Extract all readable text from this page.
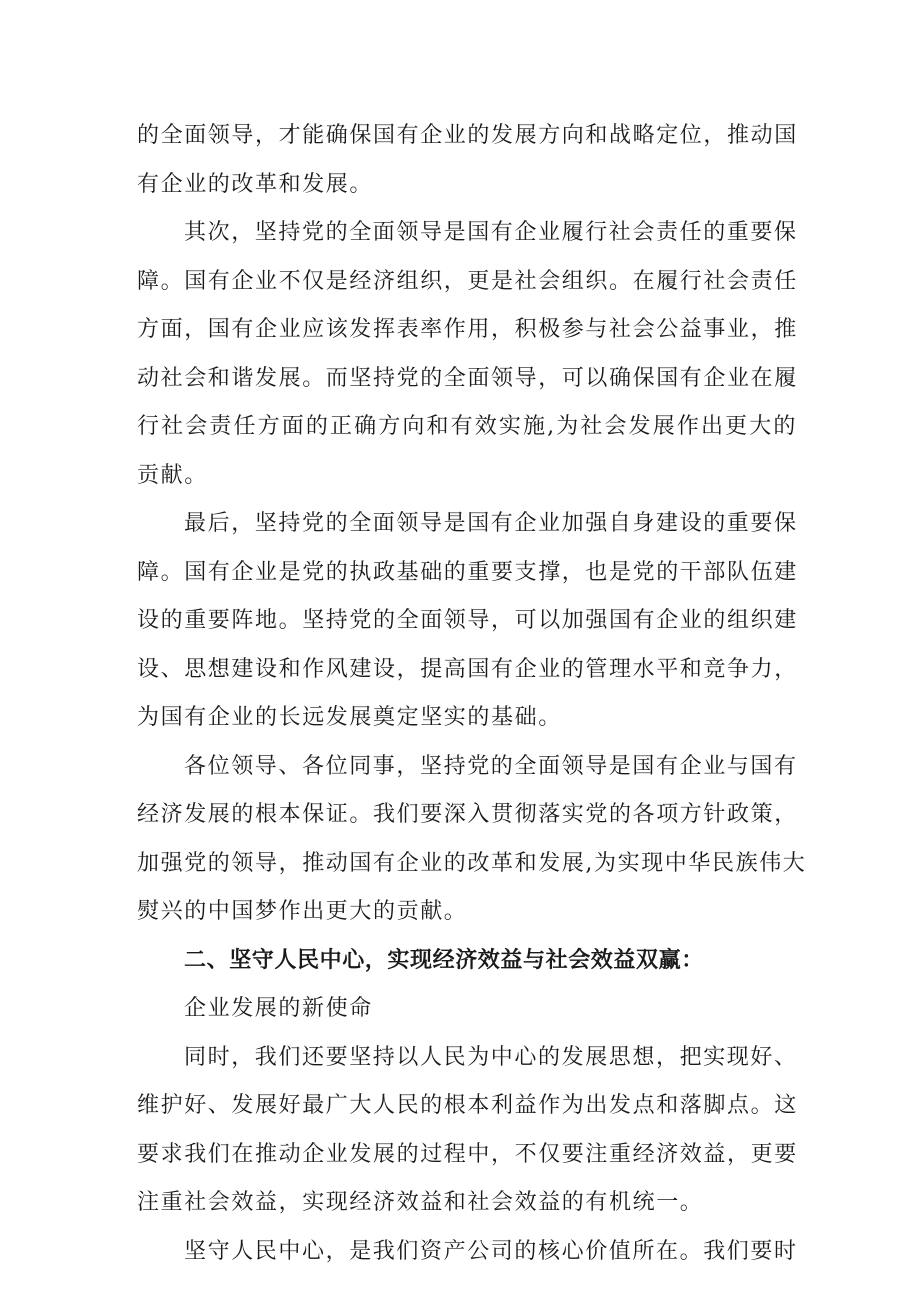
的全面领导，才能确保国有企业的发展方向和战略定位，推动国
有企业的改革和发展。
其次，坚持党的全面领导是国有企业履行社会责任的重要保
障。国有企业不仅是经济组织，更是社会组织。在履行社会责任
方面，国有企业应该发挥表率作用，积极参与社会公益事业，推
动社会和谐发展。而坚持党的全面领导，可以确保国有企业在履
行社会责任方面的正确方向和有效实施,为社会发展作出更大的
贡献。
最后，坚持党的全面领导是国有企业加强自身建设的重要保
障。国有企业是党的执政基础的重要支撑，也是党的干部队伍建
设的重要阵地。坚持党的全面领导，可以加强国有企业的组织建
设、思想建设和作风建设，提高国有企业的管理水平和竞争力，
为国有企业的长远发展奠定坚实的基础。
各位领导、各位同事，坚持党的全面领导是国有企业与国有
经济发展的根本保证。我们要深入贯彻落实党的各项方针政策，
加强党的领导，推动国有企业的改革和发展,为实现中华民族伟大
熨兴的中国梦作出更大的贡献。
二、坚守人民中心，实现经济效益与社会效益双赢：
企业发展的新使命
同时，我们还要坚持以人民为中心的发展思想，把实现好、
维护好、发展好最广大人民的根本利益作为出发点和落脚点。这
要求我们在推动企业发展的过程中，不仅要注重经济效益，更要
注重社会效益，实现经济效益和社会效益的有机统一。
坚守人民中心，是我们资产公司的核心价值所在。我们要时
